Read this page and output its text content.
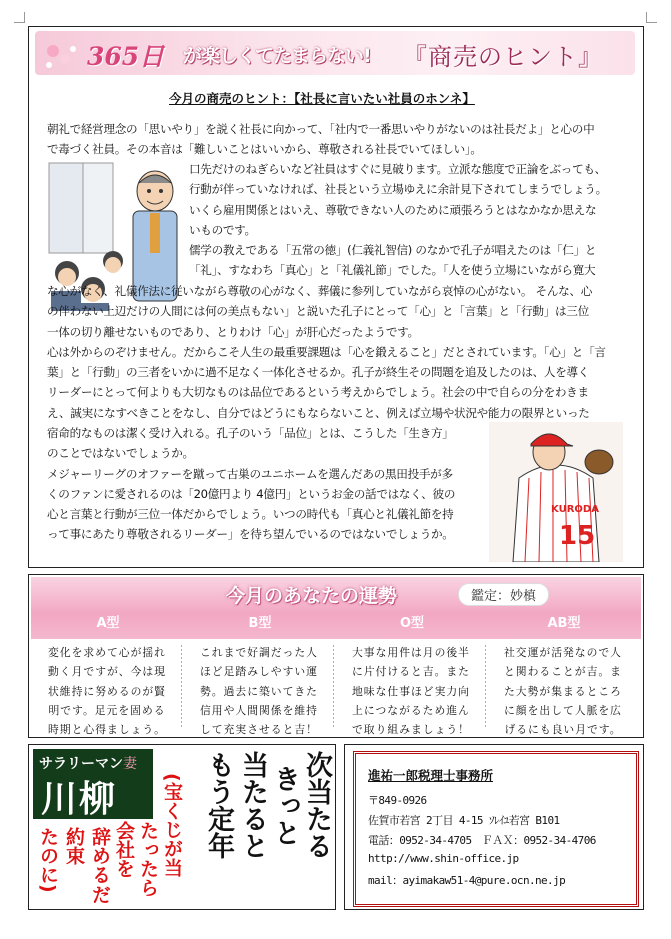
365日 が楽しくてたまらない! 『商売のヒント』
今月の商売のヒント：【社長に言いたい社員のホンネ】
朝礼で経営理念の「思いやり」を説く社長に向かって、「社内で一番思いやりがないのは社長だよ」と心の中
で毒づく社員。その本音は「難しいことはいいから、尊敬される社長でいてほしい」。
口先だけのねぎらいなど社員はすぐに見破ります。立派な態度で正論をぶっても、
行動が伴っていなければ、社長という立場ゆえに余計見下されてしまうでしょう。
いくら雇用関係とはいえ、尊敬できない人のために頑張ろうとはなかなか思えな
いものです。
儒学の教えである「五常の徳」(仁義礼智信) のなかで孔子が唱えたのは「仁」と
「礼」、すなわち「真心」と「礼儀礼節」でした。「人を使う立場にいながら寛大
な心がなく、礼儀作法に従いながら尊敬の心がなく、葬儀に参列していながら哀悼の心がない。 そんな、心
の伴わない上辺だけの人間には何の美点もない」と説いた孔子にとって「心」と「言葉」と「行動」は三位
一体の切り離せないものであり、とりわけ「心」が肝心だったようです。
心は外からのぞけません。だからこそ人生の最重要課題は「心を鍛えること」だとされています。「心」と「言
葉」と「行動」の三者をいかに過不足なく一体化させるか。孔子が終生その問題を追及したのは、人を導く
リーダーにとって何よりも大切なものは品位であるという考えからでしょう。社会の中で自らの分をわきま
え、誠実になすべきことをなし、自分ではどうにもならないこと、例えば立場や状況や能力の限界といった
宿命的なものは潔く受け入れる。孔子のいう「品位」とは、こうした「生き方」
のことではないでしょうか。
メジャーリーグのオファーを蹴って古巣のユニホームを選んだあの黒田投手が多
くのファンに愛されるのは「20億円より 4億円」というお金の話ではなく、彼の
心と言葉と行動が三位一体だからでしょう。いつの時代も「真心と礼儀礼節を持
って事にあたり尊敬されるリーダー」を待ち望んでいるのではないでしょうか。
KURODA
15
今月のあなたの運勢	鑑定：妙槙
A型	B型	O型	AB型
変化を求めて心が揺れ
動く月ですが、今は現
状維持に努めるのが賢
明です。足元を固める
時期と心得ましょう。
これまで好調だった人
ほど足踏みしやすい運
勢。過去に築いてきた
信用や人間関係を維持
して充実させると吉！
大事な用件は月の後半
に片付けると吉。また
地味な仕事ほど実力向
上につながるため進ん
で取り組みましょう！
社交運が活発なので人
と関わることが吉。ま
た大勢が集まるところ
に顔を出して人脈を広
げるにも良い月です。
サラリーマン妻
川柳	次当たる
きっと
当たると
もう定年
(宝くじが当
たったら
会社を
辞める
だ
約束
たのに)
進祐一郎税理士事務所
〒849-0926
佐賀市若宮 2丁目 4-15 ｿﾚｲﾕ若宮 B101
電話：0952-34-4705　ＦＡＸ：0952-34-4706
http://www.shin-office.jp
mail：ayimakaw51-4@pure.ocn.ne.jp
